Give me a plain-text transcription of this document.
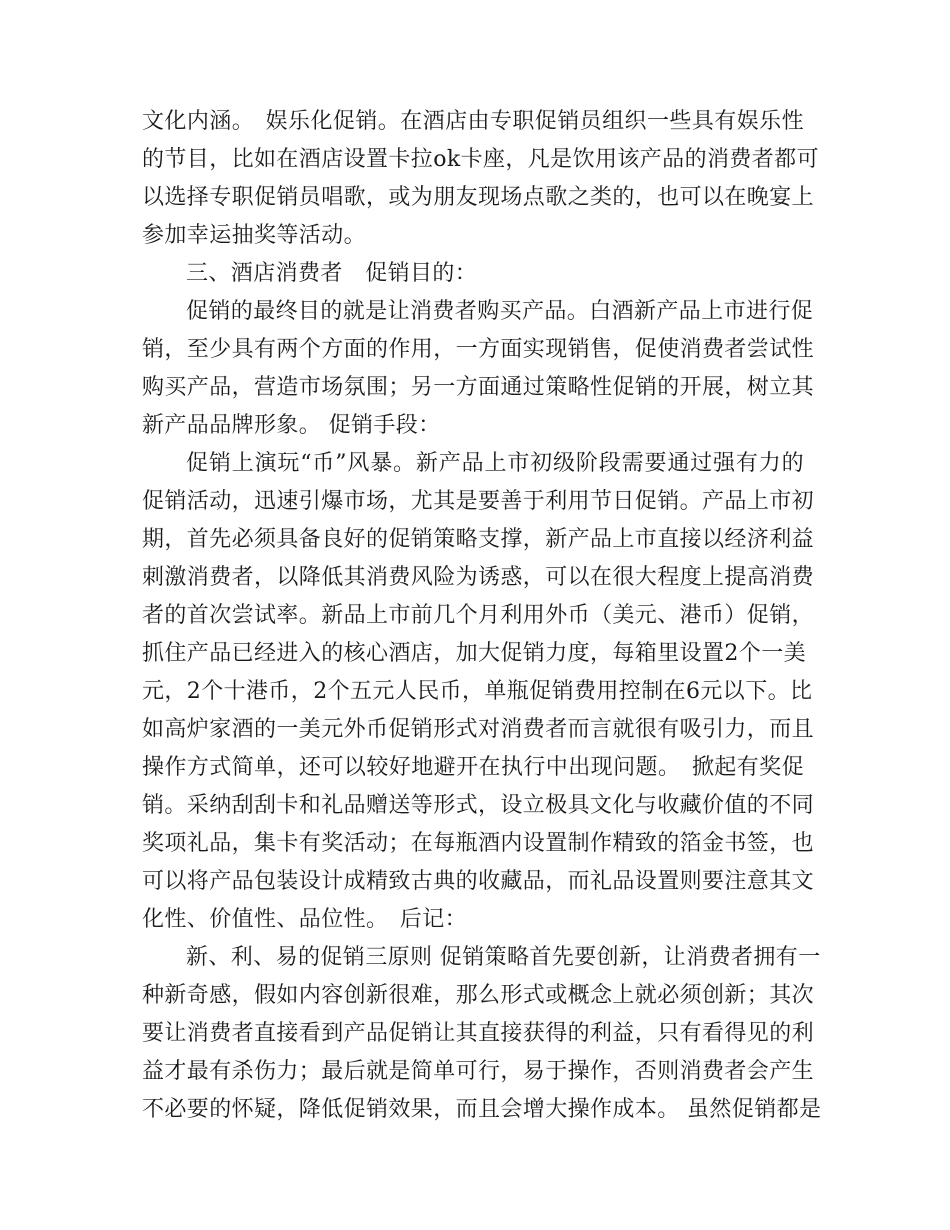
文化内涵。　娱乐化促销。在酒店由专职促销员组织一些具有娱乐性
的节目，比如在酒店设置卡拉ok卡座，凡是饮用该产品的消费者都可
以选择专职促销员唱歌，或为朋友现场点歌之类的，也可以在晚宴上
参加幸运抽奖等活动。
三、酒店消费者　促销目的：
促销的最终目的就是让消费者购买产品。白酒新产品上市进行促
销，至少具有两个方面的作用，一方面实现销售，促使消费者尝试性
购买产品，营造市场氛围；另一方面通过策略性促销的开展，树立其
新产品品牌形象。 促销手段：
促销上演玩“币”风暴。新产品上市初级阶段需要通过强有力的
促销活动，迅速引爆市场，尤其是要善于利用节日促销。产品上市初
期，首先必须具备良好的促销策略支撑，新产品上市直接以经济利益
刺激消费者，以降低其消费风险为诱惑，可以在很大程度上提高消费
者的首次尝试率。新品上市前几个月利用外币（美元、港币）促销，
抓住产品已经进入的核心酒店，加大促销力度，每箱里设置2个一美
元，2个十港币，2个五元人民币，单瓶促销费用控制在6元以下。比
如高炉家酒的一美元外币促销形式对消费者而言就很有吸引力，而且
操作方式简单，还可以较好地避开在执行中出现问题。　掀起有奖促
销。采纳刮刮卡和礼品赠送等形式，设立极具文化与收藏价值的不同
奖项礼品，集卡有奖活动；在每瓶酒内设置制作精致的箔金书签，也
可以将产品包装设计成精致古典的收藏品，而礼品设置则要注意其文
化性、价值性、品位性。　后记：
新、利、易的促销三原则 促销策略首先要创新，让消费者拥有一
种新奇感，假如内容创新很难，那么形式或概念上就必须创新；其次
要让消费者直接看到产品促销让其直接获得的利益，只有看得见的利
益才最有杀伤力；最后就是简单可行，易于操作，否则消费者会产生
不必要的怀疑，降低促销效果，而且会增大操作成本。 虽然促销都是
